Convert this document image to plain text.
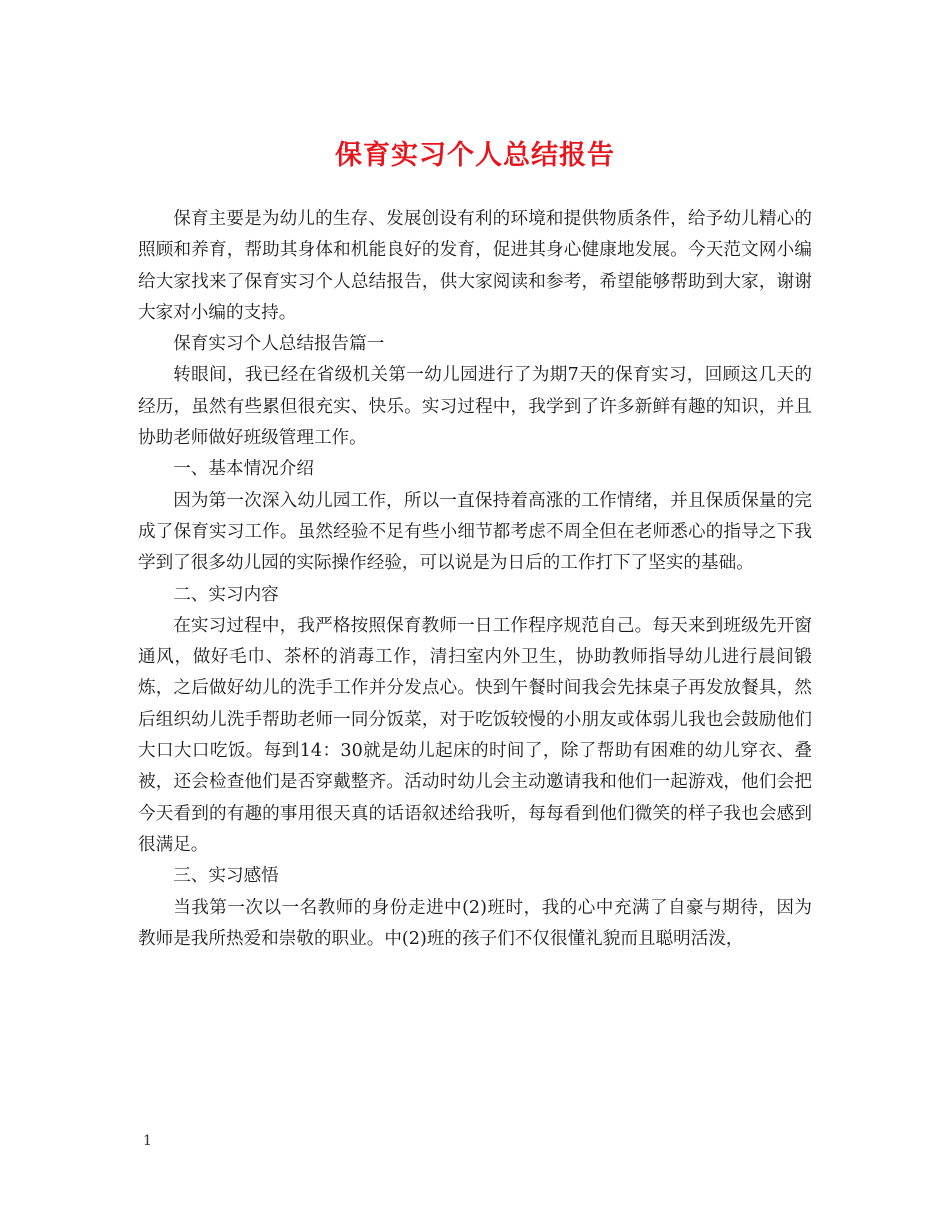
保育实习个人总结报告

保育主要是为幼儿的生存、发展创设有利的环境和提供物质条件，给予幼儿精心的照顾和养育，帮助其身体和机能良好的发育，促进其身心健康地发展。今天范文网小编给大家找来了保育实习个人总结报告，供大家阅读和参考，希望能够帮助到大家，谢谢大家对小编的支持。

保育实习个人总结报告篇一

转眼间，我已经在省级机关第一幼儿园进行了为期7天的保育实习，回顾这几天的经历，虽然有些累但很充实、快乐。实习过程中，我学到了许多新鲜有趣的知识，并且协助老师做好班级管理工作。

一、基本情况介绍

因为第一次深入幼儿园工作，所以一直保持着高涨的工作情绪，并且保质保量的完成了保育实习工作。虽然经验不足有些小细节都考虑不周全但在老师悉心的指导之下我学到了很多幼儿园的实际操作经验，可以说是为日后的工作打下了坚实的基础。

二、实习内容

在实习过程中，我严格按照保育教师一日工作程序规范自己。每天来到班级先开窗通风，做好毛巾、茶杯的消毒工作，清扫室内外卫生，协助教师指导幼儿进行晨间锻炼，之后做好幼儿的洗手工作并分发点心。快到午餐时间我会先抹桌子再发放餐具，然后组织幼儿洗手帮助老师一同分饭菜，对于吃饭较慢的小朋友或体弱儿我也会鼓励他们大口大口吃饭。每到14：30就是幼儿起床的时间了，除了帮助有困难的幼儿穿衣、叠被，还会检查他们是否穿戴整齐。活动时幼儿会主动邀请我和他们一起游戏，他们会把今天看到的有趣的事用很天真的话语叙述给我听，每每看到他们微笑的样子我也会感到很满足。

三、实习感悟

当我第一次以一名教师的身份走进中(2)班时，我的心中充满了自豪与期待，因为教师是我所热爱和崇敬的职业。中(2)班的孩子们不仅很懂礼貌而且聪明活泼，

1
